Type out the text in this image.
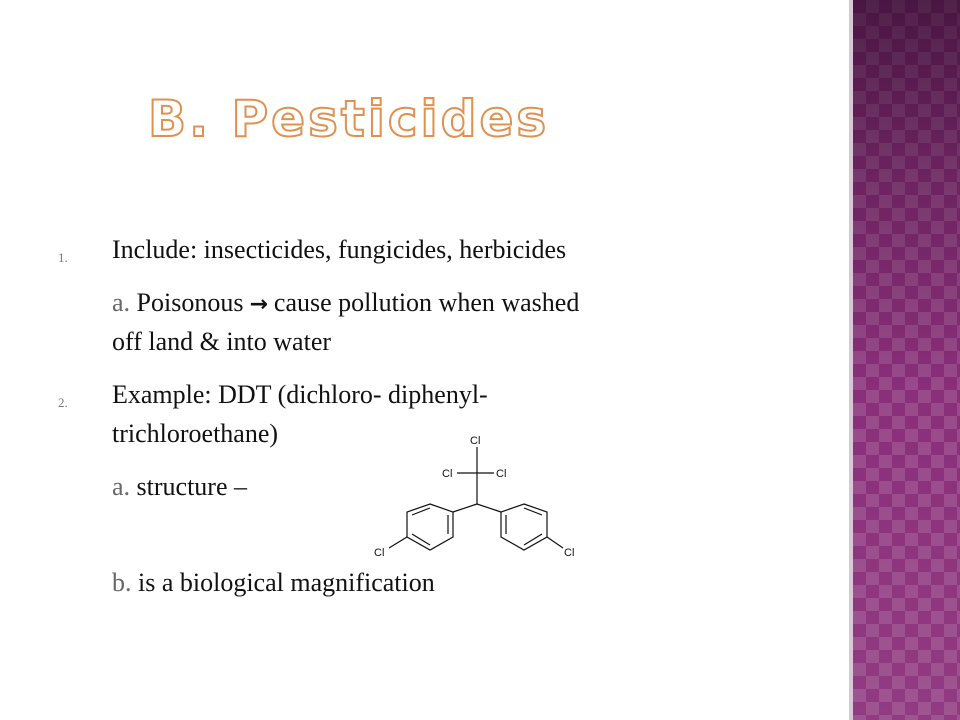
B. Pesticides
1. Include: insecticides, fungicides, herbicides
a. Poisonous → cause pollution when washed
off land & into water
2. Example: DDT (dichloro- diphenyl-
trichloroethane)
a. structure –
b. is a biological magnification
Cl
Cl	Cl
Cl	Cl
